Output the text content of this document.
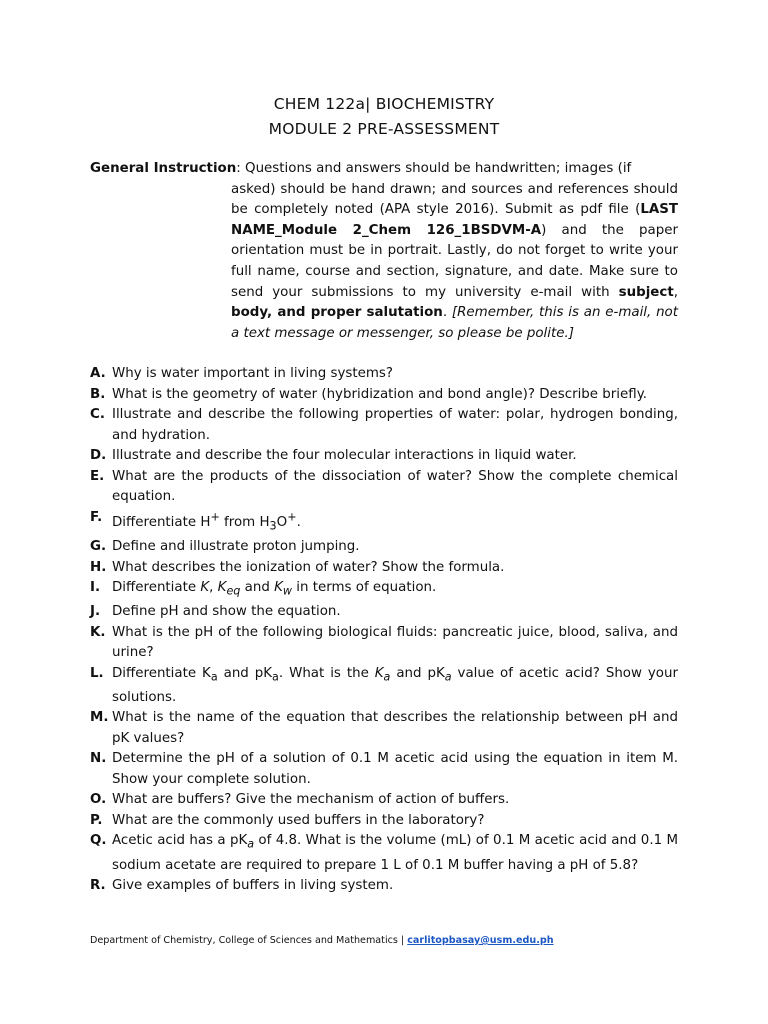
CHEM 122a| BIOCHEMISTRY
MODULE 2 PRE-ASSESSMENT
General Instruction: Questions and answers should be handwritten; images (if
asked) should be hand drawn; and sources and references should be completely noted (APA style 2016). Submit as pdf file (LAST NAME_Module 2_Chem 126_1BSDVM-A) and the paper orientation must be in portrait. Lastly, do not forget to write your full name, course and section, signature, and date. Make sure to send your submissions to my university e-mail with subject, body, and proper salutation. [Remember, this is an e-mail, not a text message or messenger, so please be polite.]
A. Why is water important in living systems?
B. What is the geometry of water (hybridization and bond angle)? Describe briefly.
C. Illustrate and describe the following properties of water: polar, hydrogen bonding, and hydration.
D. Illustrate and describe the four molecular interactions in liquid water.
E. What are the products of the dissociation of water? Show the complete chemical equation.
F. Differentiate H+ from $H_3O^+$.
G. Define and illustrate proton jumping.
H. What describes the ionization of water? Show the formula.
I. Differentiate K, $K_{eq}$ and $K_w$ in terms of equation.
J. Define pH and show the equation.
K. What is the pH of the following biological fluids: pancreatic juice, blood, saliva, and urine?
L. Differentiate $K_a$ and $pK_a$. What is the $K_a$ and $pK_a$ value of acetic acid? Show your solutions.
M. What is the name of the equation that describes the relationship between pH and pK values?
N. Determine the pH of a solution of 0.1 M acetic acid using the equation in item M. Show your complete solution.
O. What are buffers? Give the mechanism of action of buffers.
P. What are the commonly used buffers in the laboratory?
Q. Acetic acid has a $pK_a$ of 4.8. What is the volume (mL) of 0.1 M acetic acid and 0.1 M sodium acetate are required to prepare 1 L of 0.1 M buffer having a pH of 5.8?
R. Give examples of buffers in living system.
Department of Chemistry, College of Sciences and Mathematics | carlitopbasay@usm.edu.ph
